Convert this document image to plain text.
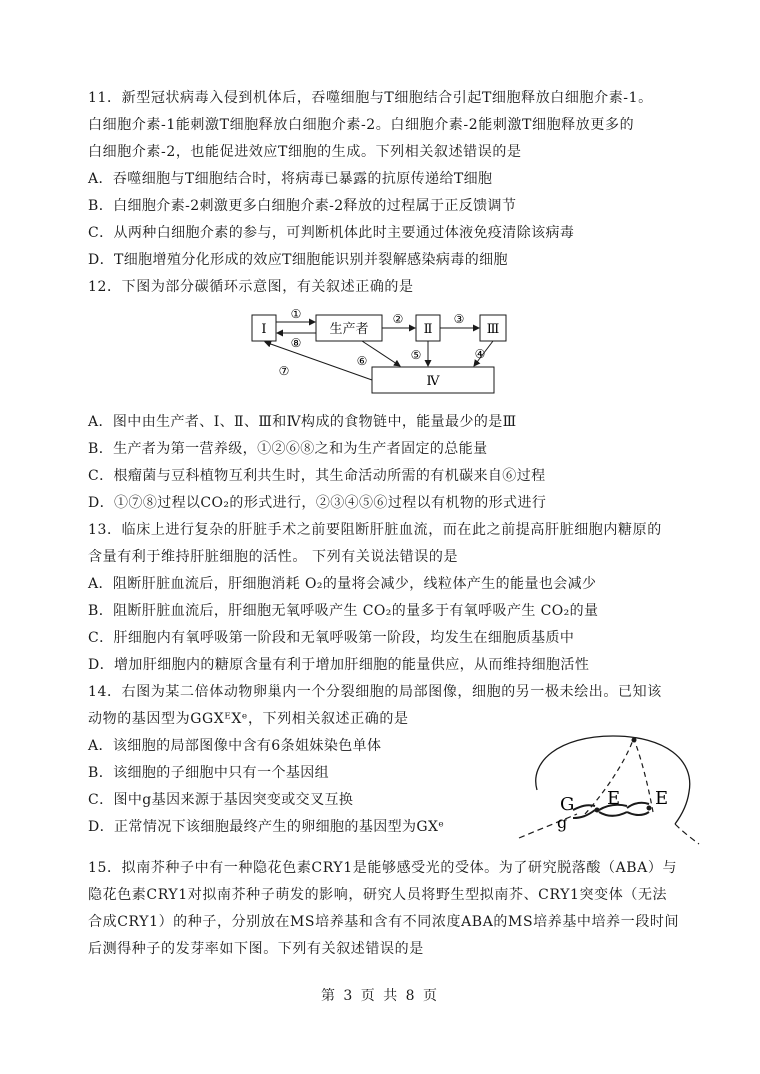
11．新型冠状病毒入侵到机体后，吞噬细胞与T细胞结合引起T细胞释放白细胞介素-1。
白细胞介素-1能刺激T细胞释放白细胞介素-2。白细胞介素-2能刺激T细胞释放更多的
白细胞介素-2，也能促进效应T细胞的生成。下列相关叙述错误的是
A．吞噬细胞与T细胞结合时，将病毒已暴露的抗原传递给T细胞
B．白细胞介素-2刺激更多白细胞介素-2释放的过程属于正反馈调节
C．从两种白细胞介素的参与，可判断机体此时主要通过体液免疫清除该病毒
D．T细胞增殖分化形成的效应T细胞能识别并裂解感染病毒的细胞
12．下图为部分碳循环示意图，有关叙述正确的是
Ⅰ	生产者	Ⅱ	Ⅲ
Ⅳ
①
⑧
②	③
⑥	⑤	④
⑦
A．图中由生产者、Ⅰ、Ⅱ、Ⅲ和Ⅳ构成的食物链中，能量最少的是Ⅲ
B．生产者为第一营养级，①②⑥⑧之和为生产者固定的总能量
C．根瘤菌与豆科植物互利共生时，其生命活动所需的有机碳来自⑥过程
D．①⑦⑧过程以CO₂的形式进行，②③④⑤⑥过程以有机物的形式进行
13．临床上进行复杂的肝脏手术之前要阻断肝脏血流，而在此之前提高肝脏细胞内糖原的
含量有利于维持肝脏细胞的活性。 下列有关说法错误的是
A．阻断肝脏血流后，肝细胞消耗 O₂的量将会减少，线粒体产生的能量也会减少
B．阻断肝脏血流后，肝细胞无氧呼吸产生 CO₂的量多于有氧呼吸产生 CO₂的量
C．肝细胞内有氧呼吸第一阶段和无氧呼吸第一阶段，均发生在细胞质基质中
D．增加肝细胞内的糖原含量有利于增加肝细胞的能量供应，从而维持细胞活性
14．右图为某二倍体动物卵巢内一个分裂细胞的局部图像，细胞的另一极未绘出。已知该
动物的基因型为GGXᴱXᵉ，下列相关叙述正确的是
A．该细胞的局部图像中含有6条姐妹染色单体
B．该细胞的子细胞中只有一个基因组
C．图中g基因来源于基因突变或交叉互换
D．正常情况下该细胞最终产生的卵细胞的基因型为GXᵉ
G
g
E E
15．拟南芥种子中有一种隐花色素CRY1是能够感受光的受体。为了研究脱落酸（ABA）与
隐花色素CRY1对拟南芥种子萌发的影响，研究人员将野生型拟南芥、CRY1突变体（无法
合成CRY1）的种子，分别放在MS培养基和含有不同浓度ABA的MS培养基中培养一段时间
后测得种子的发芽率如下图。下列有关叙述错误的是
第 3 页 共 8 页
